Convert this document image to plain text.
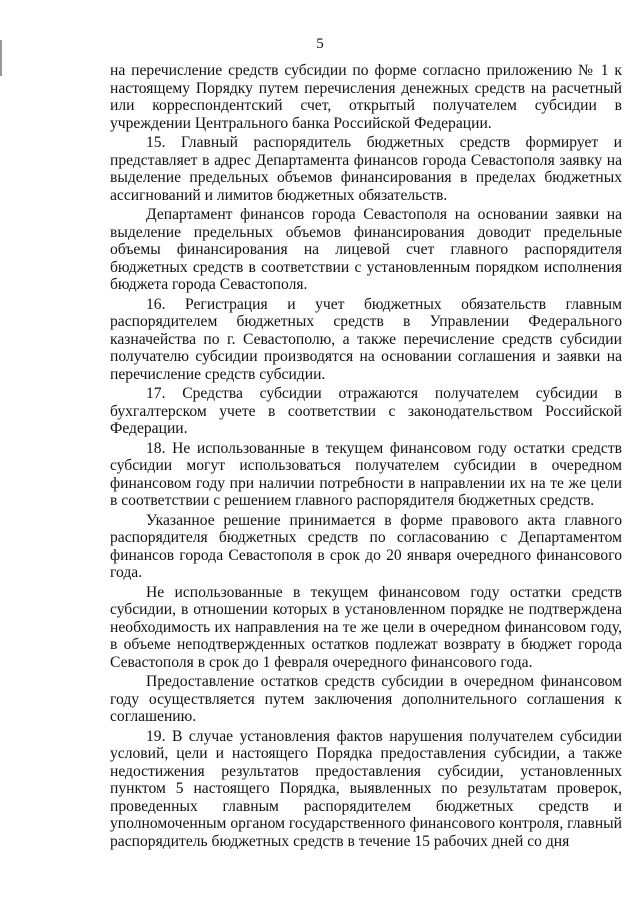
5

на перечисление средств субсидии по форме согласно приложению № 1 к настоящему Порядку путем перечисления денежных средств на расчетный или корреспондентский счет, открытый получателем субсидии в учреждении Центрального банка Российской Федерации.

15. Главный распорядитель бюджетных средств формирует и представляет в адрес Департамента финансов города Севастополя заявку на выделение предельных объемов финансирования в пределах бюджетных ассигнований и лимитов бюджетных обязательств.

Департамент финансов города Севастополя на основании заявки на выделение предельных объемов финансирования доводит предельные объемы финансирования на лицевой счет главного распорядителя бюджетных средств в соответствии с установленным порядком исполнения бюджета города Севастополя.

16. Регистрация и учет бюджетных обязательств главным распорядителем бюджетных средств в Управлении Федерального казначейства по г. Севастополю, а также перечисление средств субсидии получателю субсидии производятся на основании соглашения и заявки на перечисление средств субсидии.

17. Средства субсидии отражаются получателем субсидии в бухгалтерском учете в соответствии с законодательством Российской Федерации.

18. Не использованные в текущем финансовом году остатки средств субсидии могут использоваться получателем субсидии в очередном финансовом году при наличии потребности в направлении их на те же цели в соответствии с решением главного распорядителя бюджетных средств.

Указанное решение принимается в форме правового акта главного распорядителя бюджетных средств по согласованию с Департаментом финансов города Севастополя в срок до 20 января очередного финансового года.

Не использованные в текущем финансовом году остатки средств субсидии, в отношении которых в установленном порядке не подтверждена необходимость их направления на те же цели в очередном финансовом году, в объеме неподтвержденных остатков подлежат возврату в бюджет города Севастополя в срок до 1 февраля очередного финансового года.

Предоставление остатков средств субсидии в очередном финансовом году осуществляется путем заключения дополнительного соглашения к соглашению.

19. В случае установления фактов нарушения получателем субсидии условий, цели и настоящего Порядка предоставления субсидии, а также недостижения результатов предоставления субсидии, установленных пунктом 5 настоящего Порядка, выявленных по результатам проверок, проведенных главным распорядителем бюджетных средств и уполномоченным органом государственного финансового контроля, главный распорядитель бюджетных средств в течение 15 рабочих дней со дня
